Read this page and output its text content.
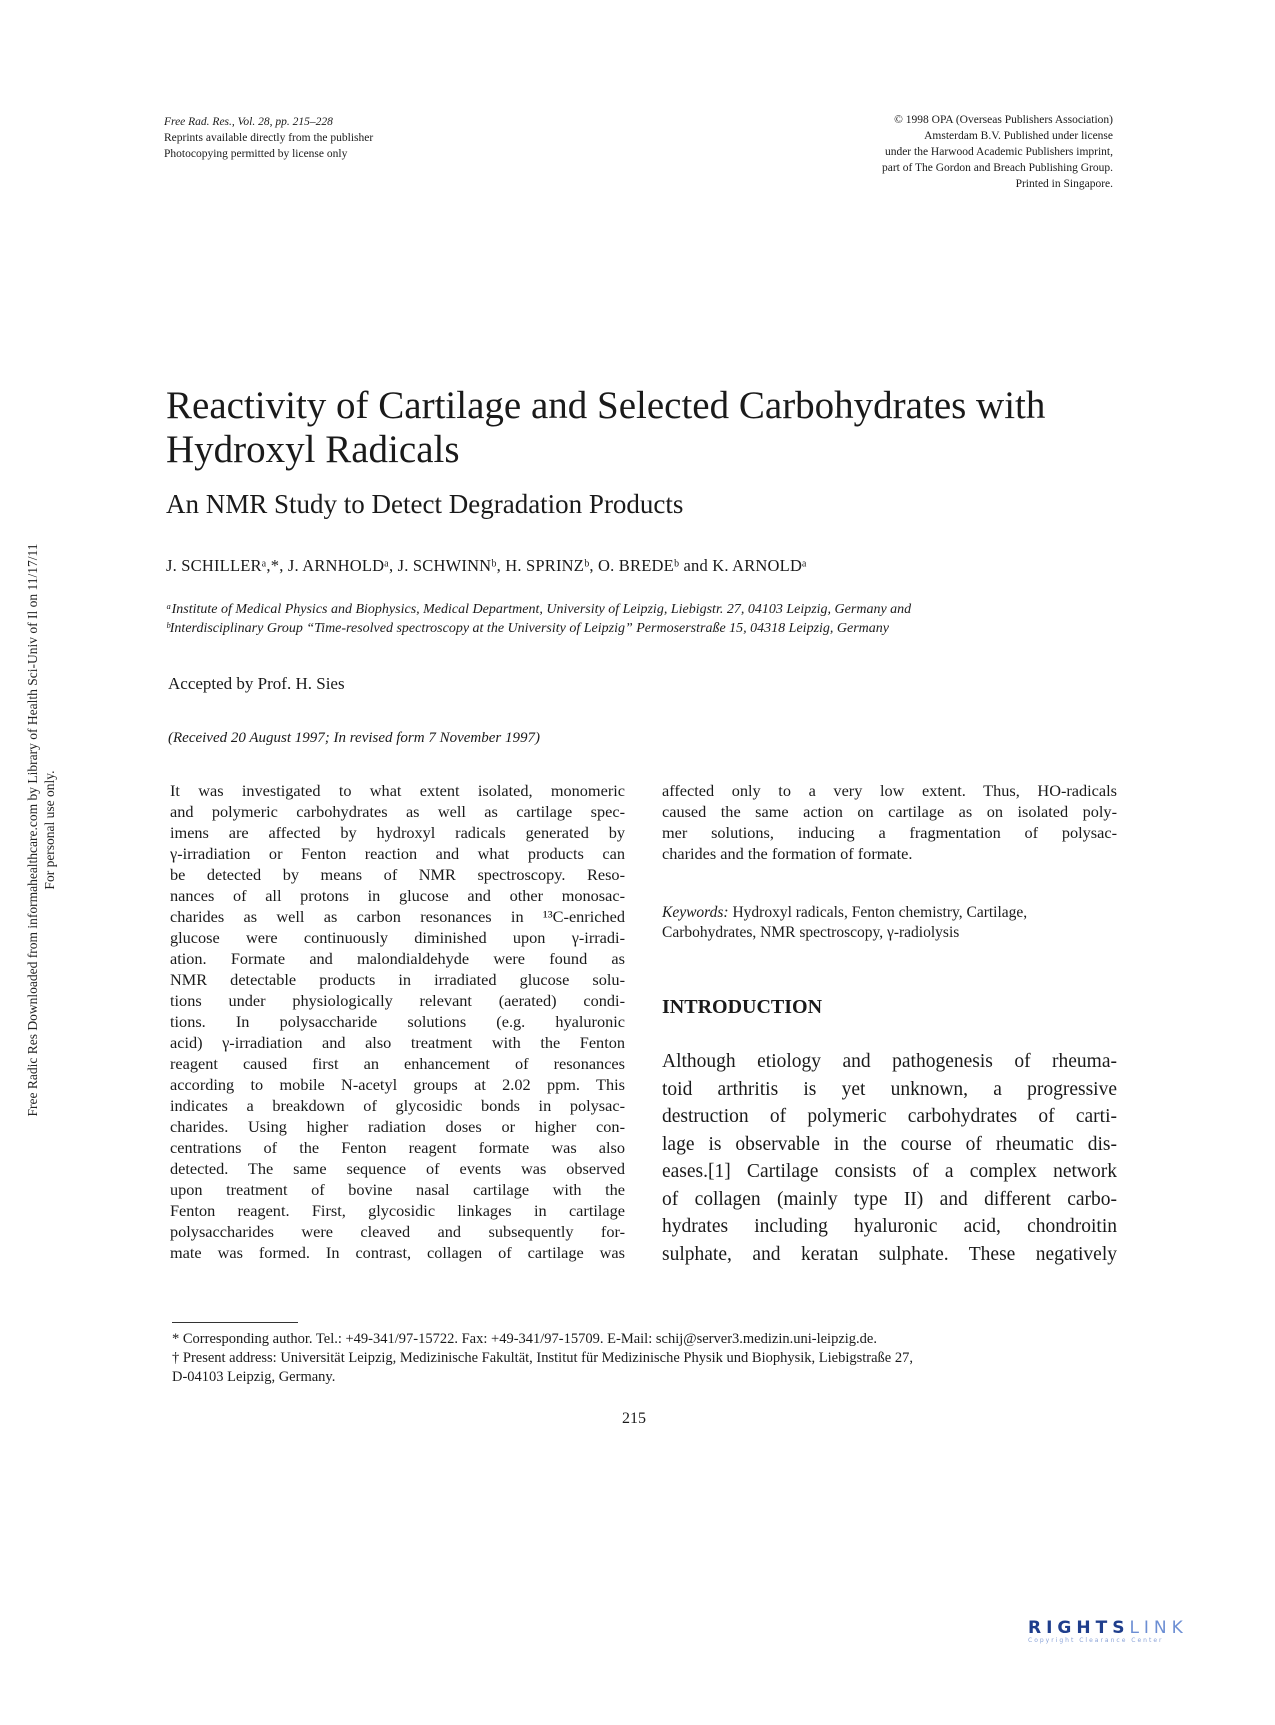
Free Rad. Res., Vol. 28, pp. 215–228
Reprints available directly from the publisher
Photocopying permitted by license only
© 1998 OPA (Overseas Publishers Association)
Amsterdam B.V. Published under license
under the Harwood Academic Publishers imprint,
part of The Gordon and Breach Publishing Group.
Printed in Singapore.
Free Radic Res Downloaded from informahealthcare.com by Library of Health Sci-Univ of Il on 11/17/11 For personal use only.
Reactivity of Cartilage and Selected Carbohydrates with
Hydroxyl Radicals
An NMR Study to Detect Degradation Products
J. SCHILLERᵃ,*, J. ARNHOLDᵃ, J. SCHWINNᵇ, H. SPRINZᵇ, O. BREDEᵇ and K. ARNOLDᵃ
ᵃInstitute of Medical Physics and Biophysics, Medical Department, University of Leipzig, Liebigstr. 27, 04103 Leipzig, Germany and
ᵇInterdisciplinary Group “Time-resolved spectroscopy at the University of Leipzig” Permoserstraße 15, 04318 Leipzig, Germany
Accepted by Prof. H. Sies
(Received 20 August 1997; In revised form 7 November 1997)
It was investigated to what extent isolated, monomeric
and polymeric carbohydrates as well as cartilage spec-
imens are affected by hydroxyl radicals generated by
γ-irradiation or Fenton reaction and what products can
be detected by means of NMR spectroscopy. Reso-
nances of all protons in glucose and other monosac-
charides as well as carbon resonances in ¹³C-enriched
glucose were continuously diminished upon γ-irradi-
ation. Formate and malondialdehyde were found as
NMR detectable products in irradiated glucose solu-
tions under physiologically relevant (aerated) condi-
tions. In polysaccharide solutions (e.g. hyaluronic
acid) γ-irradiation and also treatment with the Fenton
reagent caused first an enhancement of resonances
according to mobile N-acetyl groups at 2.02 ppm. This
indicates a breakdown of glycosidic bonds in polysac-
charides. Using higher radiation doses or higher con-
centrations of the Fenton reagent formate was also
detected. The same sequence of events was observed
upon treatment of bovine nasal cartilage with the
Fenton reagent. First, glycosidic linkages in cartilage
polysaccharides were cleaved and subsequently for-
mate was formed. In contrast, collagen of cartilage was
affected only to a very low extent. Thus, HO-radicals
caused the same action on cartilage as on isolated poly-
mer solutions, inducing a fragmentation of polysac-
charides and the formation of formate.
Keywords: Hydroxyl radicals, Fenton chemistry, Cartilage,
Carbohydrates, NMR spectroscopy, γ-radiolysis
INTRODUCTION
Although etiology and pathogenesis of rheuma-
toid arthritis is yet unknown, a progressive
destruction of polymeric carbohydrates of carti-
lage is observable in the course of rheumatic dis-
eases.[1] Cartilage consists of a complex network
of collagen (mainly type II) and different carbo-
hydrates including hyaluronic acid, chondroitin
sulphate, and keratan sulphate. These negatively
* Corresponding author. Tel.: +49-341/97-15722. Fax: +49-341/97-15709. E-Mail: schij@server3.medizin.uni-leipzig.de.
† Present address: Universität Leipzig, Medizinische Fakultät, Institut für Medizinische Physik und Biophysik, Liebigstraße 27,
D-04103 Leipzig, Germany.
215
RIGHTSLINK
Copyright Clearance Center
